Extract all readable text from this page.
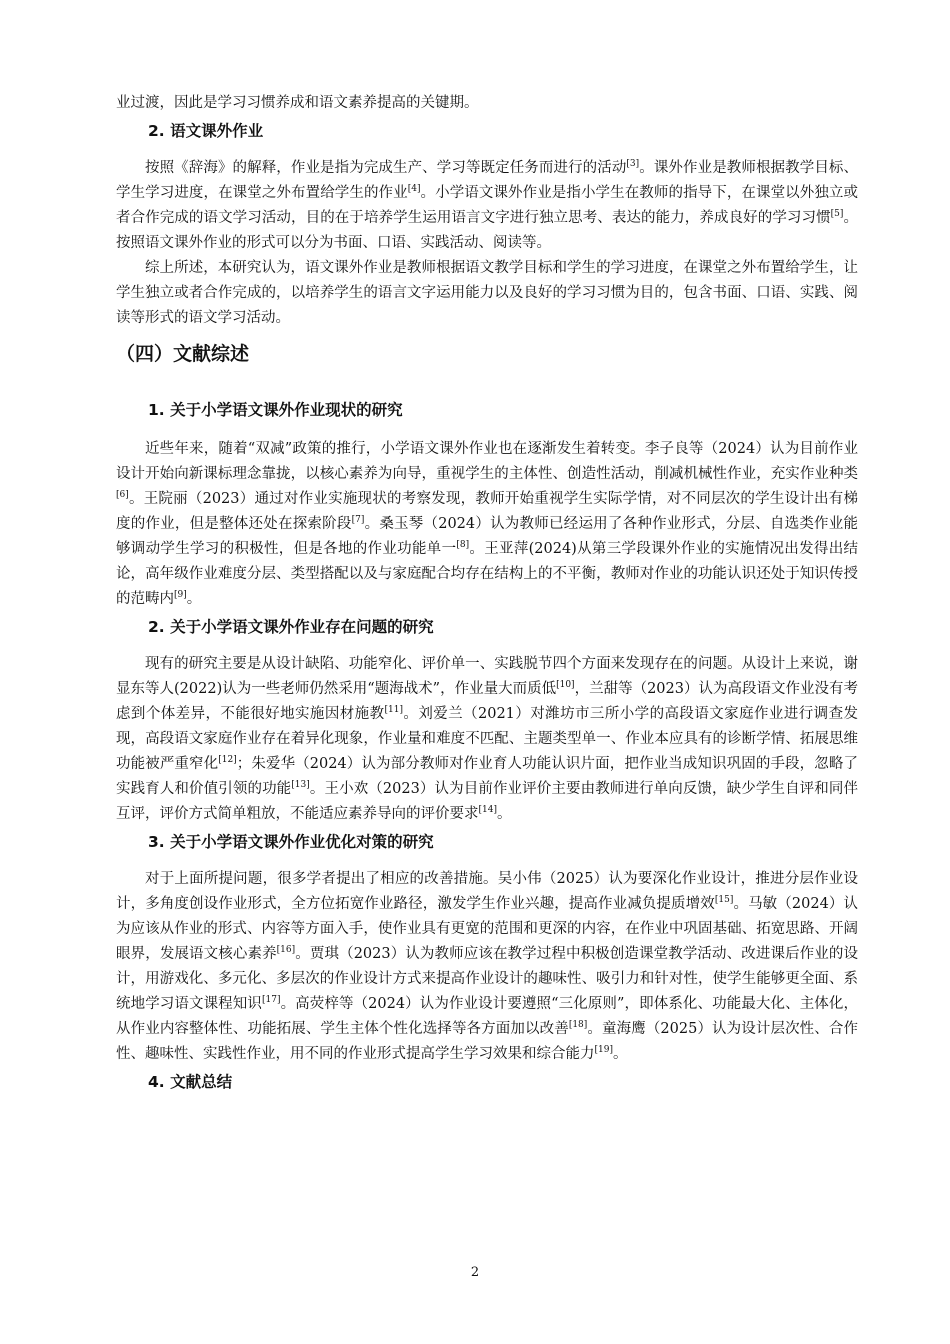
业过渡，因此是学习习惯养成和语文素养提高的关键期。

2. 语文课外作业

按照《辞海》的解释，作业是指为完成生产、学习等既定任务而进行的活动[3]。课外作业是教师根据教学目标、学生学习进度，在课堂之外布置给学生的作业[4]。小学语文课外作业是指小学生在教师的指导下，在课堂以外独立或者合作完成的语文学习活动，目的在于培养学生运用语言文字进行独立思考、表达的能力，养成良好的学习习惯[5]。按照语文课外作业的形式可以分为书面、口语、实践活动、阅读等。

综上所述，本研究认为，语文课外作业是教师根据语文教学目标和学生的学习进度，在课堂之外布置给学生，让学生独立或者合作完成的，以培养学生的语言文字运用能力以及良好的学习习惯为目的，包含书面、口语、实践、阅读等形式的语文学习活动。

（四）文献综述
1. 关于小学语文课外作业现状的研究

近些年来，随着“双减”政策的推行，小学语文课外作业也在逐渐发生着转变。李子良等（2024）认为目前作业设计开始向新课标理念靠拢，以核心素养为向导，重视学生的主体性、创造性活动，削减机械性作业，充实作业种类[6]。王院丽（2023）通过对作业实施现状的考察发现，教师开始重视学生实际学情，对不同层次的学生设计出有梯度的作业，但是整体还处在探索阶段[7]。桑玉琴（2024）认为教师已经运用了各种作业形式，分层、自选类作业能够调动学生学习的积极性，但是各地的作业功能单一[8]。王亚萍(2024)从第三学段课外作业的实施情况出发得出结论，高年级作业难度分层、类型搭配以及与家庭配合均存在结构上的不平衡，教师对作业的功能认识还处于知识传授的范畴内[9]。

2. 关于小学语文课外作业存在问题的研究

现有的研究主要是从设计缺陷、功能窄化、评价单一、实践脱节四个方面来发现存在的问题。从设计上来说，谢显东等人(2022)认为一些老师仍然采用“题海战术”，作业量大而质低[10]，兰甜等（2023）认为高段语文作业没有考虑到个体差异，不能很好地实施因材施教[11]。刘爱兰（2021）对潍坊市三所小学的高段语文家庭作业进行调查发现，高段语文家庭作业存在着异化现象，作业量和难度不匹配、主题类型单一、作业本应具有的诊断学情、拓展思维功能被严重窄化[12]；朱爱华（2024）认为部分教师对作业育人功能认识片面，把作业当成知识巩固的手段，忽略了实践育人和价值引领的功能[13]。王小欢（2023）认为目前作业评价主要由教师进行单向反馈，缺少学生自评和同伴互评，评价方式简单粗放，不能适应素养导向的评价要求[14]。

3. 关于小学语文课外作业优化对策的研究

对于上面所提问题，很多学者提出了相应的改善措施。吴小伟（2025）认为要深化作业设计，推进分层作业设计，多角度创设作业形式，全方位拓宽作业路径，激发学生作业兴趣，提高作业减负提质增效[15]。马敏（2024）认为应该从作业的形式、内容等方面入手，使作业具有更宽的范围和更深的内容，在作业中巩固基础、拓宽思路、开阔眼界，发展语文核心素养[16]。贾琪（2023）认为教师应该在教学过程中积极创造课堂教学活动、改进课后作业的设计，用游戏化、多元化、多层次的作业设计方式来提高作业设计的趣味性、吸引力和针对性，使学生能够更全面、系统地学习语文课程知识[17]。高荧梓等（2024）认为作业设计要遵照“三化原则”，即体系化、功能最大化、主体化，从作业内容整体性、功能拓展、学生主体个性化选择等各方面加以改善[18]。童海鹰（2025）认为设计层次性、合作性、趣味性、实践性作业，用不同的作业形式提高学生学习效果和综合能力[19]。

4. 文献总结
2
